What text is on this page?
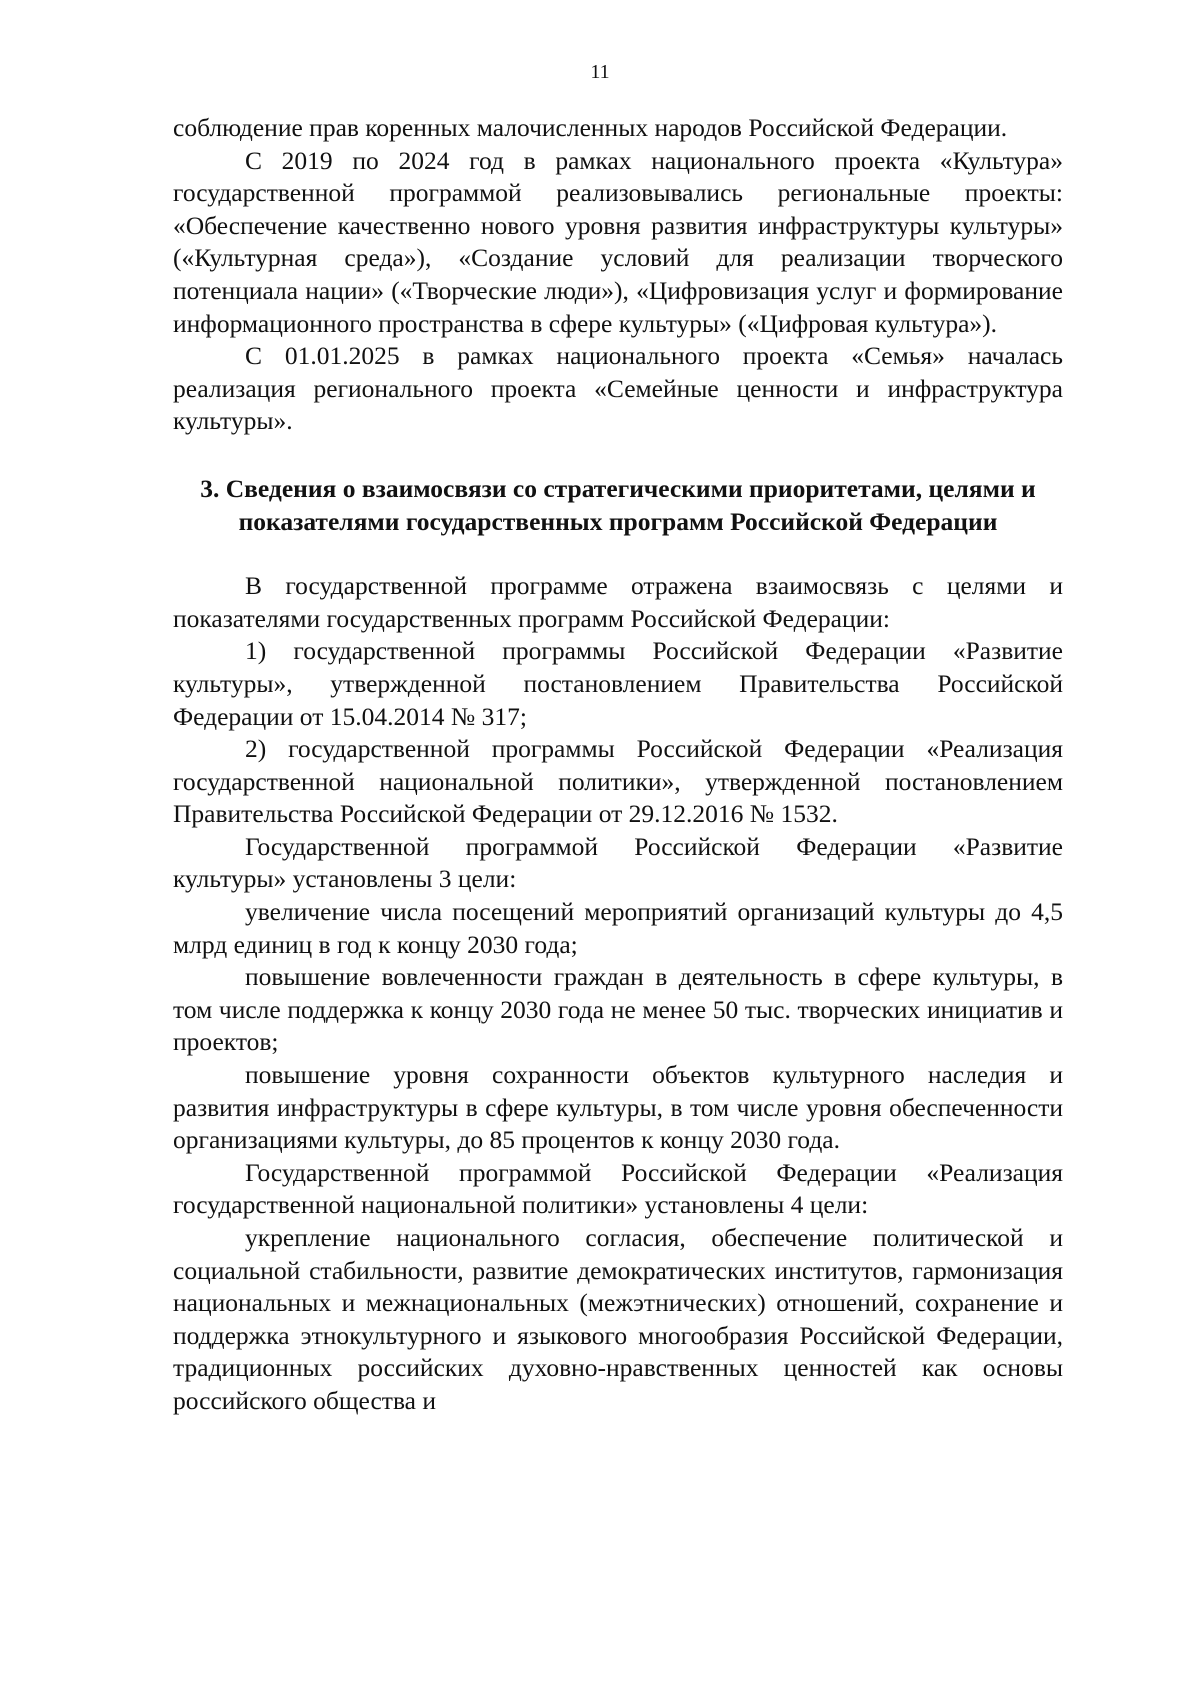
11

соблюдение прав коренных малочисленных народов Российской Федерации.

С 2019 по 2024 год в рамках национального проекта «Культура» государственной программой реализовывались региональные проекты: «Обеспечение качественно нового уровня развития инфраструктуры культуры» («Культурная среда»), «Создание условий для реализации творческого потенциала нации» («Творческие люди»), «Цифровизация услуг и формирование информационного пространства в сфере культуры» («Цифровая культура»).

С 01.01.2025 в рамках национального проекта «Семья» началась реализация регионального проекта «Семейные ценности и инфраструктура культуры».

3. Сведения о взаимосвязи со стратегическими приоритетами, целями и показателями государственных программ Российской Федерации

В государственной программе отражена взаимосвязь с целями и показателями государственных программ Российской Федерации:

1) государственной программы Российской Федерации «Развитие культуры», утвержденной постановлением Правительства Российской Федерации от 15.04.2014 № 317;

2) государственной программы Российской Федерации «Реализация государственной национальной политики», утвержденной постановлением Правительства Российской Федерации от 29.12.2016 № 1532.

Государственной программой Российской Федерации «Развитие культуры» установлены 3 цели:

увеличение числа посещений мероприятий организаций культуры до 4,5 млрд единиц в год к концу 2030 года;

повышение вовлеченности граждан в деятельность в сфере культуры, в том числе поддержка к концу 2030 года не менее 50 тыс. творческих инициатив и проектов;

повышение уровня сохранности объектов культурного наследия и развития инфраструктуры в сфере культуры, в том числе уровня обеспеченности организациями культуры, до 85 процентов к концу 2030 года.

Государственной программой Российской Федерации «Реализация государственной национальной политики» установлены 4 цели:

укрепление национального согласия, обеспечение политической и социальной стабильности, развитие демократических институтов, гармонизация национальных и межнациональных (межэтнических) отношений, сохранение и поддержка этнокультурного и языкового многообразия Российской Федерации, традиционных российских духовно-нравственных ценностей как основы российского общества и
